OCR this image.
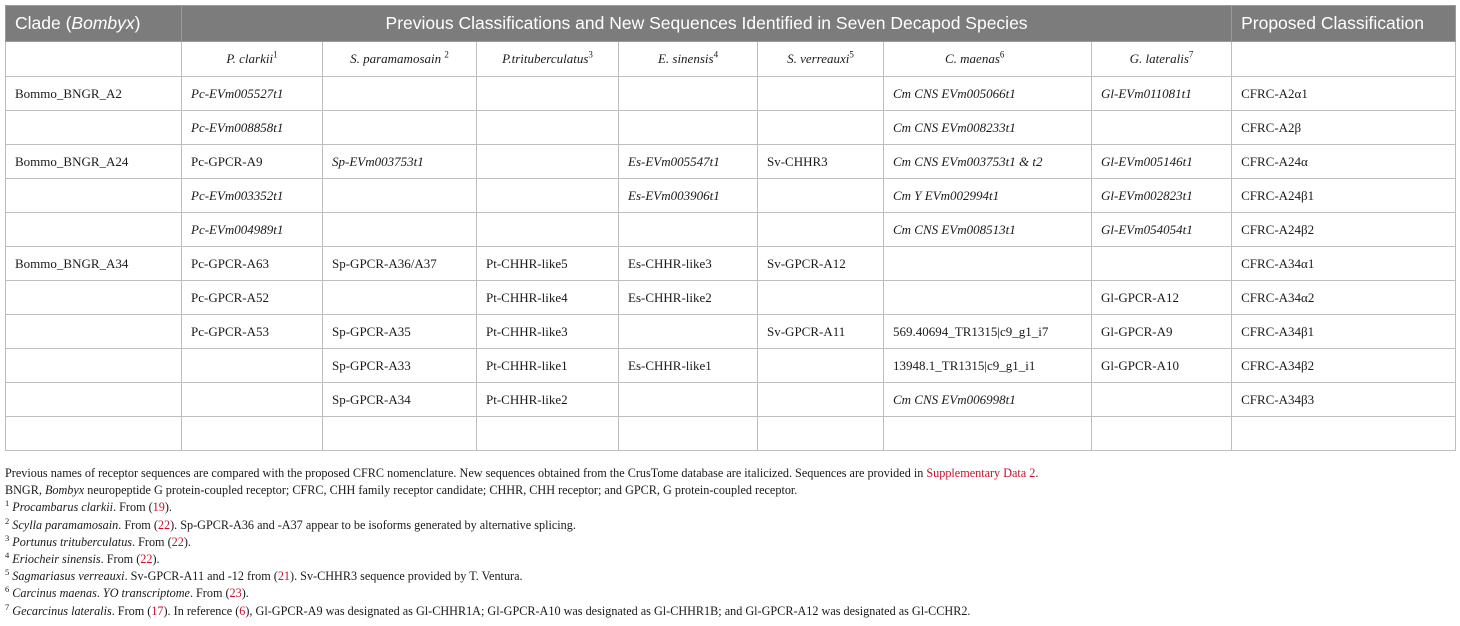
Clade (Bombyx)	Previous Classifications and New Sequences Identified in Seven Decapod Species							Proposed Classification
	P. clarkii$^1$	S. paramamosain $^2$	P.trituberculatus$^3$	E. sinensis$^4$	S. verreauxi$^5$	C. maenas$^6$	G. lateralis$^7$	
Bommo_BNGR_A2	Pc-EVm005527t1					Cm CNS EVm005066t1	Gl-EVm011081t1	CFRC-A2α1
	Pc-EVm008858t1					Cm CNS EVm008233t1		CFRC-A2β
Bommo_BNGR_A24	Pc-GPCR-A9	Sp-EVm003753t1		Es-EVm005547t1	Sv-CHHR3	Cm CNS EVm003753t1 & t2	Gl-EVm005146t1	CFRC-A24α
	Pc-EVm003352t1			Es-EVm003906t1		Cm Y EVm002994t1	Gl-EVm002823t1	CFRC-A24β1
	Pc-EVm004989t1					Cm CNS EVm008513t1	Gl-EVm054054t1	CFRC-A24β2
Bommo_BNGR_A34	Pc-GPCR-A63	Sp-GPCR-A36/A37	Pt-CHHR-like5	Es-CHHR-like3	Sv-GPCR-A12			CFRC-A34α1
	Pc-GPCR-A52		Pt-CHHR-like4	Es-CHHR-like2			Gl-GPCR-A12	CFRC-A34α2
	Pc-GPCR-A53	Sp-GPCR-A35	Pt-CHHR-like3		Sv-GPCR-A11	569.40694_TR1315|c9_g1_i7	Gl-GPCR-A9	CFRC-A34β1
		Sp-GPCR-A33	Pt-CHHR-like1	Es-CHHR-like1		13948.1_TR1315|c9_g1_i1	Gl-GPCR-A10	CFRC-A34β2
		Sp-GPCR-A34	Pt-CHHR-like2			Cm CNS EVm006998t1		CFRC-A34β3

Previous names of receptor sequences are compared with the proposed CFRC nomenclature. New sequences obtained from the CrusTome database are italicized. Sequences are provided in Supplementary Data 2.
BNGR, Bombyx neuropeptide G protein-coupled receptor; CFRC, CHH family receptor candidate; CHHR, CHH receptor; and GPCR, G protein-coupled receptor.
$^1$ Procambarus clarkii. From (19).
$^2$ Scylla paramamosain. From (22). Sp-GPCR-A36 and -A37 appear to be isoforms generated by alternative splicing.
$^3$ Portunus trituberculatus. From (22).
$^4$ Eriocheir sinensis. From (22).
$^5$ Sagmariasus verreauxi. Sv-GPCR-A11 and -12 from (21). Sv-CHHR3 sequence provided by T. Ventura.
$^6$ Carcinus maenas. YO transcriptome. From (23).
$^7$ Gecarcinus lateralis. From (17). In reference (6), Gl-GPCR-A9 was designated as Gl-CHHR1A; Gl-GPCR-A10 was designated as Gl-CHHR1B; and Gl-GPCR-A12 was designated as Gl-CCHR2.
